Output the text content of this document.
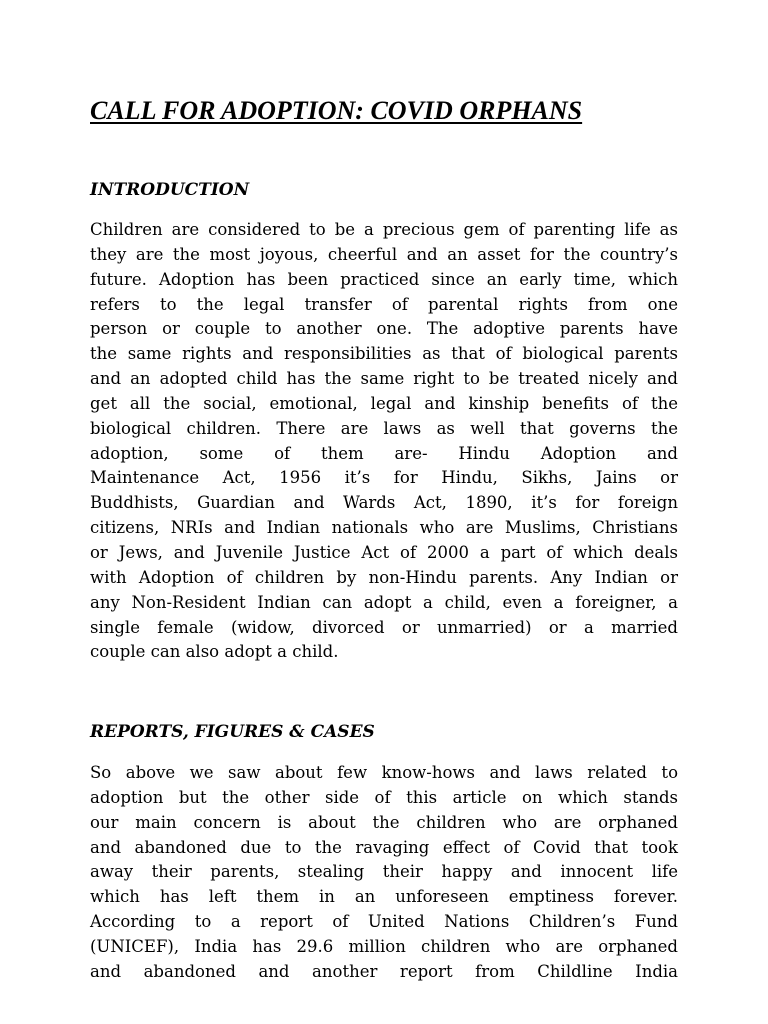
CALL FOR ADOPTION: COVID ORPHANS
INTRODUCTION
Children are considered to be a precious gem of parenting life as
they are the most joyous, cheerful and an asset for the country’s
future. Adoption has been practiced since an early time, which
refers to the legal transfer of parental rights from one
person or couple to another one. The adoptive parents have
the same rights and responsibilities as that of biological parents
and an adopted child has the same right to be treated nicely and
get all the social, emotional, legal and kinship benefits of the
biological children. There are laws as well that governs the
adoption, some of them are- Hindu Adoption and
Maintenance Act, 1956 it’s for Hindu, Sikhs, Jains or
Buddhists, Guardian and Wards Act, 1890, it’s for foreign
citizens, NRIs and Indian nationals who are Muslims, Christians
or Jews, and Juvenile Justice Act of 2000 a part of which deals
with Adoption of children by non-Hindu parents. Any Indian or
any Non-Resident Indian can adopt a child, even a foreigner, a
single female (widow, divorced or unmarried) or a married
couple can also adopt a child.
REPORTS, FIGURES & CASES
So above we saw about few know-hows and laws related to
adoption but the other side of this article on which stands
our main concern is about the children who are orphaned
and abandoned due to the ravaging effect of Covid that took
away their parents, stealing their happy and innocent life
which has left them in an unforeseen emptiness forever.
According to a report of United Nations Children’s Fund
(UNICEF), India has 29.6 million children who are orphaned
and abandoned and another report from Childline India
